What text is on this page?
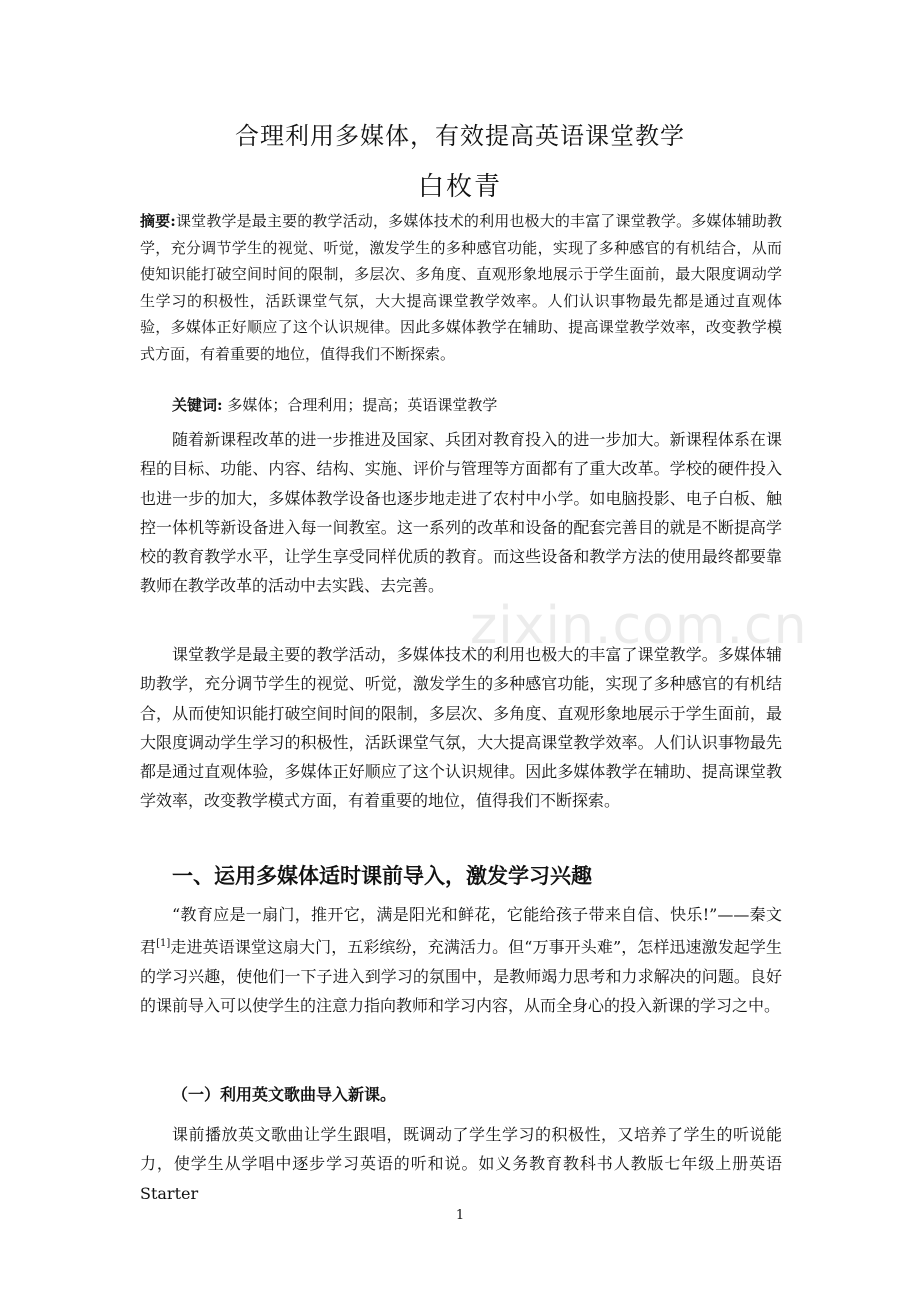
zixin.com.cn
合理利用多媒体，有效提高英语课堂教学
白枚青
摘要:课堂教学是最主要的教学活动，多媒体技术的利用也极大的丰富了课堂教学。多媒体辅助教学，充分调节学生的视觉、听觉，激发学生的多种感官功能，实现了多种感官的有机结合，从而使知识能打破空间时间的限制，多层次、多角度、直观形象地展示于学生面前，最大限度调动学生学习的积极性，活跃课堂气氛，大大提高课堂教学效率。人们认识事物最先都是通过直观体验，多媒体正好顺应了这个认识规律。因此多媒体教学在辅助、提高课堂教学效率，改变教学模式方面，有着重要的地位，值得我们不断探索。
关键词: 多媒体；合理利用；提高；英语课堂教学
随着新课程改革的进一步推进及国家、兵团对教育投入的进一步加大。新课程体系在课程的目标、功能、内容、结构、实施、评价与管理等方面都有了重大改革。学校的硬件投入也进一步的加大，多媒体教学设备也逐步地走进了农村中小学。如电脑投影、电子白板、触控一体机等新设备进入每一间教室。这一系列的改革和设备的配套完善目的就是不断提高学校的教育教学水平，让学生享受同样优质的教育。而这些设备和教学方法的使用最终都要靠教师在教学改革的活动中去实践、去完善。
课堂教学是最主要的教学活动，多媒体技术的利用也极大的丰富了课堂教学。多媒体辅助教学，充分调节学生的视觉、听觉，激发学生的多种感官功能，实现了多种感官的有机结合，从而使知识能打破空间时间的限制，多层次、多角度、直观形象地展示于学生面前，最大限度调动学生学习的积极性，活跃课堂气氛，大大提高课堂教学效率。人们认识事物最先都是通过直观体验，多媒体正好顺应了这个认识规律。因此多媒体教学在辅助、提高课堂教学效率，改变教学模式方面，有着重要的地位，值得我们不断探索。
一、运用多媒体适时课前导入，激发学习兴趣
“教育应是一扇门，推开它，满是阳光和鲜花，它能给孩子带来自信、快乐!”——秦文君[1]走进英语课堂这扇大门，五彩缤纷，充满活力。但“万事开头难”，怎样迅速激发起学生的学习兴趣，使他们一下子进入到学习的氛围中，是教师竭力思考和力求解决的问题。良好的课前导入可以使学生的注意力指向教师和学习内容，从而全身心的投入新课的学习之中。
（一）利用英文歌曲导入新课。
课前播放英文歌曲让学生跟唱，既调动了学生学习的积极性，又培养了学生的听说能力，使学生从学唱中逐步学习英语的听和说。如义务教育教科书人教版七年级上册英语Starter
1
